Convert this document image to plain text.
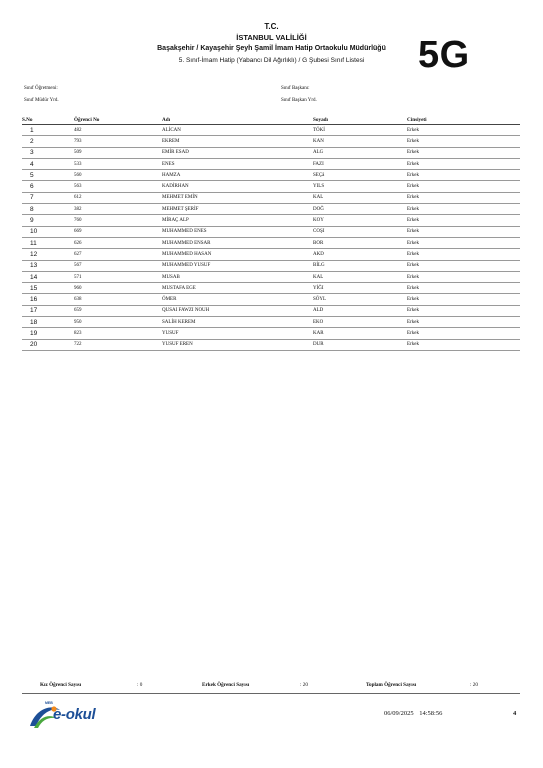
T.C.
İSTANBUL VALİLİĞİ
Başakşehir / Kayaşehir Şeyh Şamil İmam Hatip Ortaokulu Müdürlüğü
5. Sınıf-İmam Hatip (Yabancı Dil Ağırlıklı) / G Şubesi Sınıf Listesi	5G
Sınıf Öğretmeni:	Sınıf Başkanı:
Sınıf Müdür Yrd.	Sınıf Başkan Yrd.
S.No	Öğrenci No	Adı	Soyadı	Cinsiyeti
1	482	ALİCAN	TÖKİ	Erkek
2	793	EKREM	KAN	Erkek
3	509	EMİR ESAD	ALG	Erkek
4	533	ENES	FAZI	Erkek
5	560	HAMZA	SEÇâ	Erkek
6	563	KADİRHAN	YILS	Erkek
7	612	MEHMET EMİN	KAL	Erkek
8	382	MEHMET ŞERİF	DOĞ	Erkek
9	760	MİRAÇ ALP	KOY	Erkek
10	669	MUHAMMED ENES	COŞI	Erkek
11	626	MUHAMMED ENSAR	BOR	Erkek
12	627	MUHAMMED HASAN	AKD	Erkek
13	567	MUHAMMED YUSUF	BİLG	Erkek
14	571	MUSAB	KAL	Erkek
15	960	MUSTAFA EGE	YİĞI	Erkek
16	638	ÖMER	SÖYL	Erkek
17	659	QUSAI FAWZI NOUH	ALD	Erkek
18	950	SALİH KEREM	EKO	Erkek
19	823	YUSUF	KAR	Erkek
20	722	YUSUF EREN	DUR	Erkek
Kız Öğrenci Sayısı	: 0	Erkek Öğrenci Sayısı	: 20	Toplam Öğrenci Sayısı	: 20
MEB
e-okul	06/09/2025 14:58:56	4
